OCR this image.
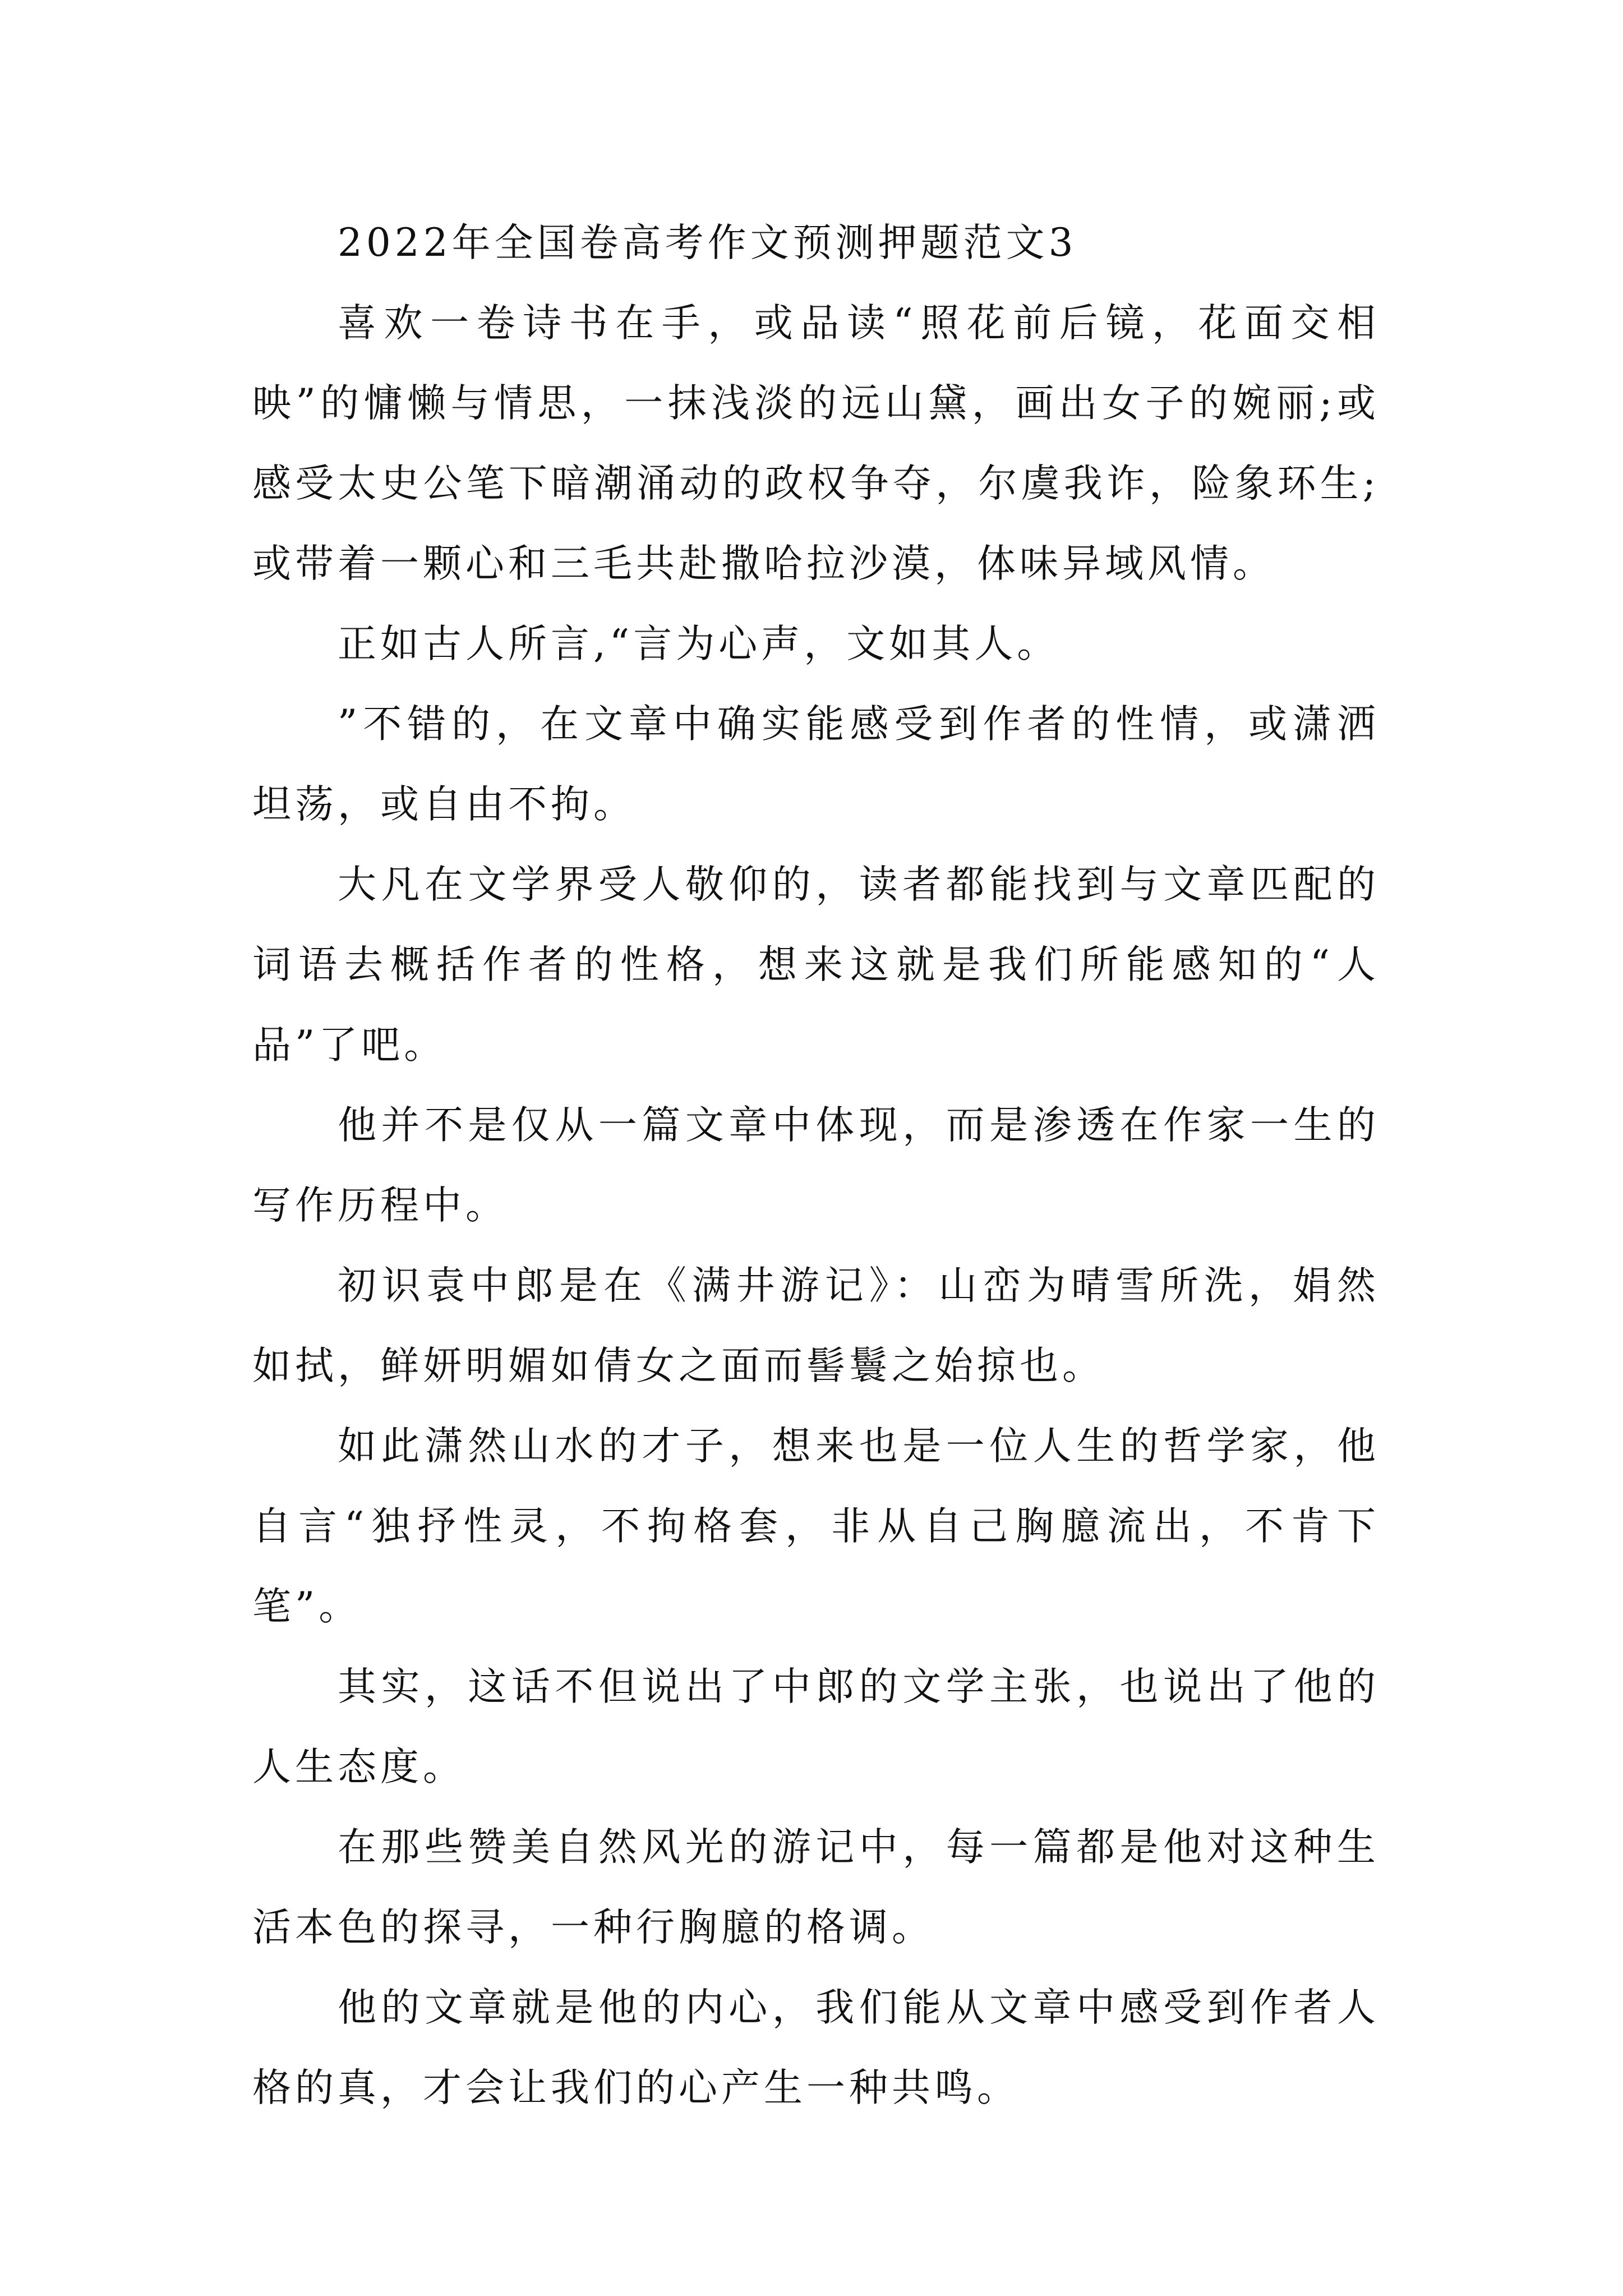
2022年全国卷高考作文预测押题范文3

喜欢一卷诗书在手，或品读“照花前后镜，花面交相映”的慵懒与情思，一抹浅淡的远山黛，画出女子的婉丽;或感受太史公笔下暗潮涌动的政权争夺，尔虞我诈，险象环生;或带着一颗心和三毛共赴撒哈拉沙漠，体味异域风情。

正如古人所言,“言为心声，文如其人。

”不错的，在文章中确实能感受到作者的性情，或潇洒坦荡，或自由不拘。

大凡在文学界受人敬仰的，读者都能找到与文章匹配的词语去概括作者的性格，想来这就是我们所能感知的“人品”了吧。

他并不是仅从一篇文章中体现，而是渗透在作家一生的写作历程中。

初识袁中郎是在《满井游记》：山峦为晴雪所洗，娟然如拭，鲜妍明媚如倩女之面而髻鬟之始掠也。

如此潇然山水的才子，想来也是一位人生的哲学家，他自言“独抒性灵，不拘格套，非从自己胸臆流出，不肯下笔”。

其实，这话不但说出了中郎的文学主张，也说出了他的人生态度。

在那些赞美自然风光的游记中，每一篇都是他对这种生活本色的探寻，一种行胸臆的格调。

他的文章就是他的内心，我们能从文章中感受到作者人格的真，才会让我们的心产生一种共鸣。
